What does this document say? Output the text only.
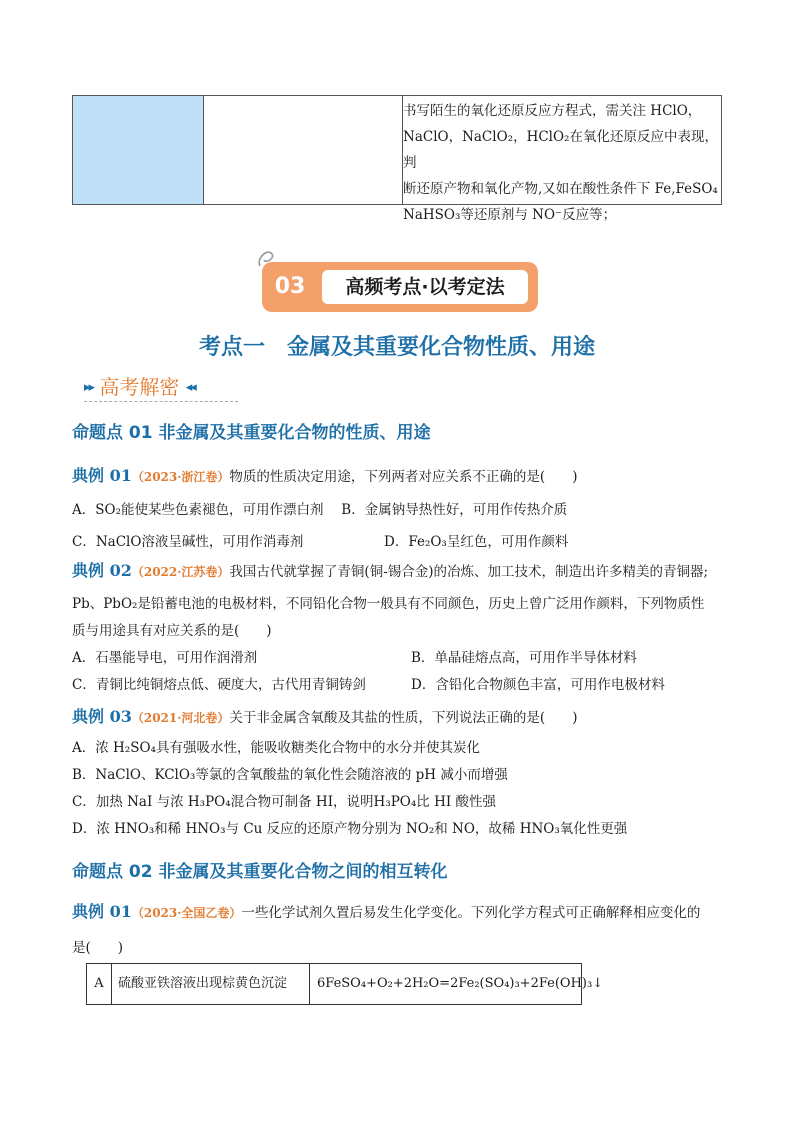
书写陌生的氧化还原反应方程式，需关注 HClO，
NaClO，NaClO₂，HClO₂在氧化还原反应中表现，判
断还原产物和氧化产物,又如在酸性条件下 Fe,FeSO₄
NaHSO₃等还原剂与 NO⁻反应等；
03	高频考点·以考定法
考点一　金属及其重要化合物性质、用途
▸▸ 高考解密 ◂◂
命题点 01 非金属及其重要化合物的性质、用途
典例 01（2023·浙江卷）物质的性质决定用途，下列两者对应关系不正确的是(　　)
A．SO₂能使某些色素褪色，可用作漂白剂　 B．金属钠导热性好，可用作传热介质
C．NaClO溶液呈碱性，可用作消毒剂	D．Fe₂O₃呈红色，可用作颜料
典例 02（2022·江苏卷）我国古代就掌握了青铜(铜-锡合金)的冶炼、加工技术，制造出许多精美的青铜器;
Pb、PbO₂是铅蓄电池的电极材料，不同铅化合物一般具有不同颜色，历史上曾广泛用作颜料，下列物质性
质与用途具有对应关系的是(　　)
A．石墨能导电，可用作润滑剂	B．单晶硅熔点高，可用作半导体材料
C．青铜比纯铜熔点低、硬度大，古代用青铜铸剑	D．含铅化合物颜色丰富，可用作电极材料
典例 03（2021·河北卷）关于非金属含氧酸及其盐的性质，下列说法正确的是(　　)
A．浓 H₂SO₄具有强吸水性，能吸收糖类化合物中的水分并使其炭化
B．NaClO、KClO₃等氯的含氧酸盐的氧化性会随溶液的 pH 减小而增强
C．加热 NaI 与浓 H₃PO₄混合物可制备 HI，说明H₃PO₄比 HI 酸性强
D．浓 HNO₃和稀 HNO₃与 Cu 反应的还原产物分别为 NO₂和 NO，故稀 HNO₃氧化性更强
命题点 02 非金属及其重要化合物之间的相互转化
典例 01（2023·全国乙卷）一些化学试剂久置后易发生化学变化。下列化学方程式可正确解释相应变化的
是(　　)
A	硫酸亚铁溶液出现棕黄色沉淀	6FeSO₄+O₂+2H₂O=2Fe₂(SO₄)₃+2Fe(OH)₃↓
